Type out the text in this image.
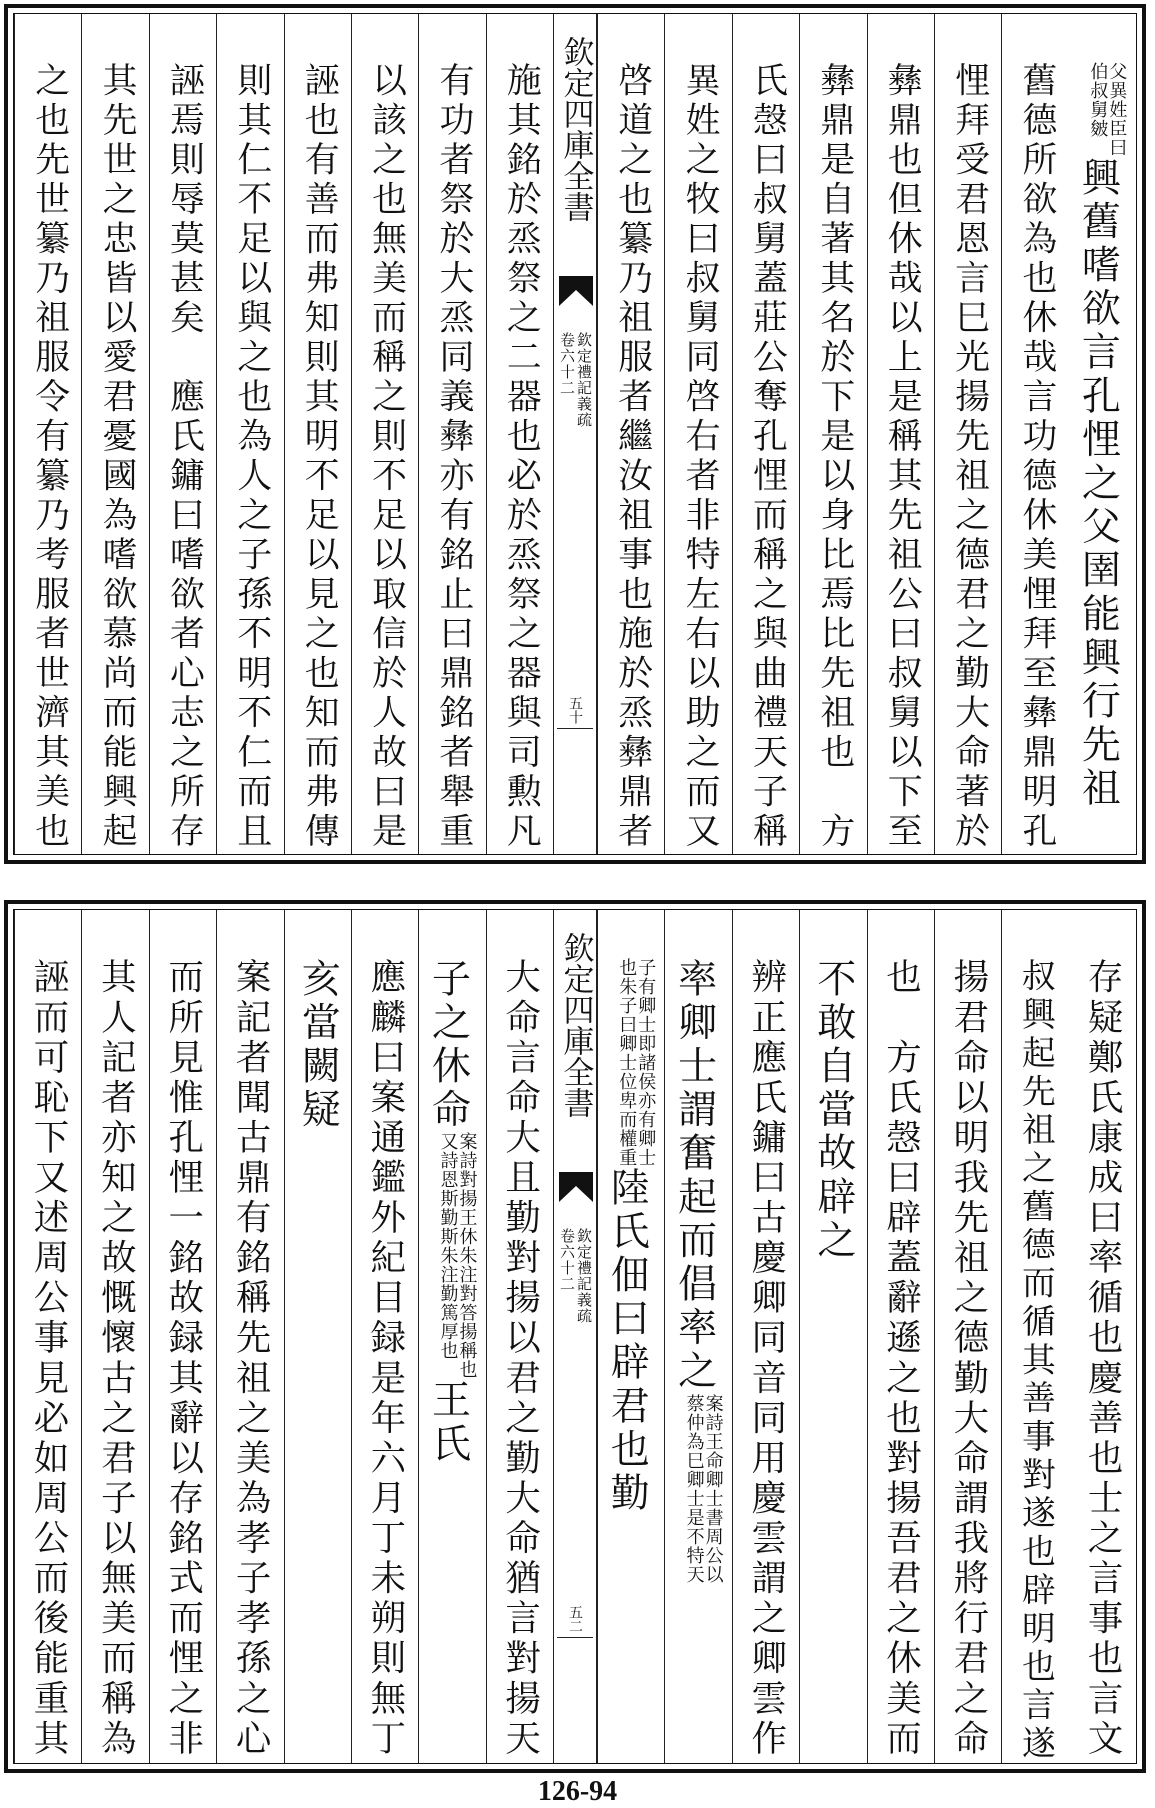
父異姓臣曰
伯叔舅皴興舊嗜欲言孔悝之父圉能興行先祖
舊德所欲為也休哉言功德休美悝拜至彝鼎明孔
悝拜受君恩言巳光揚先祖之德君之勤大命著於
彝鼎也但休哉以上是稱其先祖公曰叔舅以下至
彝鼎是自著其名於下是以身比焉比先祖也　方
氏愨曰叔舅蓋莊公奪孔悝而稱之與曲禮天子稱
異姓之牧曰叔舅同啓右者非特左右以助之而又
啓道之也纂乃祖服者繼汝祖事也施於烝彝鼎者
欽定四庫全書
欽定禮記義疏
卷六十二
五十
施其銘於烝祭之二器也必於烝祭之器與司勲凡
有功者祭於大烝同義彝亦有銘止曰鼎銘者舉重
以該之也無美而稱之則不足以取信於人故曰是
誣也有善而弗知則其明不足以見之也知而弗傳
則其仁不足以與之也為人之子孫不明不仁而且
誣焉則辱莫甚矣　應氏鏞曰嗜欲者心志之所存
其先世之忠皆以愛君憂國為嗜欲慕尚而能興起
之也先世纂乃祖服令有纂乃考服者世濟其美也
存疑鄭氏康成曰率循也慶善也士之言事也言文
叔興起先祖之舊德而循其善事對遂也辟明也言遂
揚君命以明我先祖之德勤大命謂我將行君之命
也　方氏愨曰辟蓋辭遜之也對揚吾君之休美而
不敢自當故辟之
辨正應氏鏞曰古慶卿同音同用慶雲謂之卿雲作
率卿士謂奮起而倡率之案詩王命卿士書周公以
蔡仲為巳卿士是不特天
子有卿士即諸侯亦有卿士
也朱子曰卿士位卑而權重陸氏佃曰辟君也勤
欽定四庫全書
欽定禮記義疏
卷六十二
五二
大命言命大且勤對揚以君之勤大命猶言對揚天
子之休命案詩對揚王休朱注對答揚稱也
又詩恩斯勤斯朱注勤篤厚也王氏
應麟曰案通鑑外紀目録是年六月丁未朔則無丁
亥當闕疑
案記者聞古鼎有銘稱先祖之美為孝子孝孫之心
而所見惟孔悝一銘故録其辭以存銘式而悝之非
其人記者亦知之故慨懷古之君子以無美而稱為
誣而可恥下又述周公事見必如周公而後能重其
126-94
